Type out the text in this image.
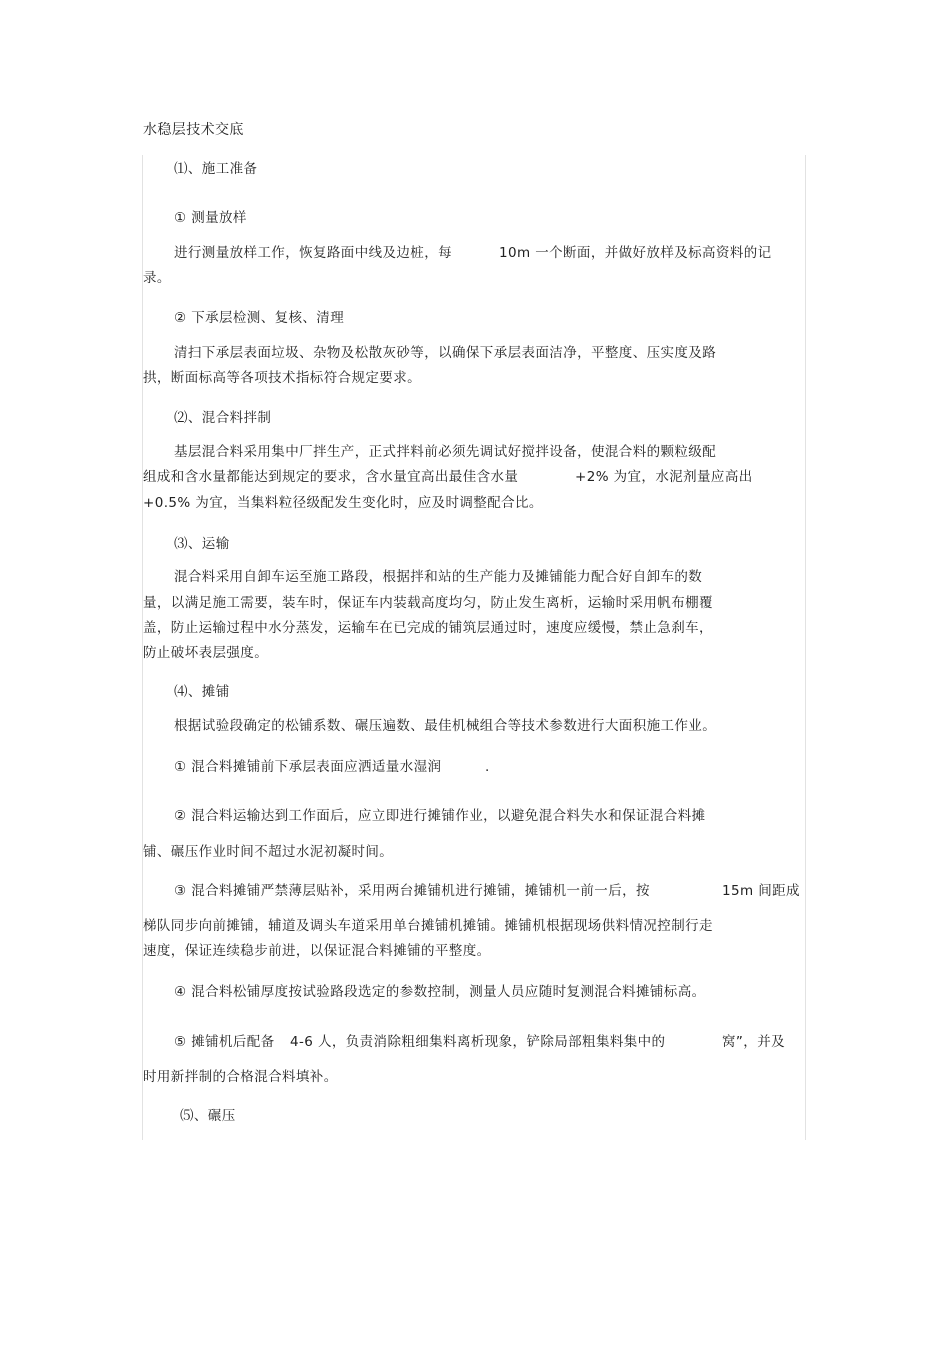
水稳层技术交底
⑴、施工准备
① 测量放样
进行测量放样工作，恢复路面中线及边桩，每	10m 一个断面，并做好放样及标高资料的记
录。
② 下承层检测、复核、清理
清扫下承层表面垃圾、杂物及松散灰砂等，以确保下承层表面洁净，平整度、压实度及路
拱，断面标高等各项技术指标符合规定要求。
⑵、混合料拌制
基层混合料采用集中厂拌生产，正式拌料前必须先调试好搅拌设备，使混合料的颗粒级配
组成和含水量都能达到规定的要求，含水量宜高出最佳含水量	+2% 为宜，水泥剂量应高出
+0.5% 为宜，当集料粒径级配发生变化时，应及时调整配合比。
⑶、运输
混合料采用自卸车运至施工路段，根据拌和站的生产能力及摊铺能力配合好自卸车的数
量，以满足施工需要，装车时，保证车内装载高度均匀，防止发生离析，运输时采用帆布棚覆
盖，防止运输过程中水分蒸发，运输车在已完成的铺筑层通过时，速度应缓慢，禁止急刹车，
防止破坏表层强度。
⑷、摊铺
根据试验段确定的松铺系数、碾压遍数、最佳机械组合等技术参数进行大面积施工作业。
① 混合料摊铺前下承层表面应洒适量水湿润	.
② 混合料运输达到工作面后，应立即进行摊铺作业，以避免混合料失水和保证混合料摊
铺、碾压作业时间不超过水泥初凝时间。
③ 混合料摊铺严禁薄层贴补，采用两台摊铺机进行摊铺，摊铺机一前一后，按	15m 间距成
梯队同步向前摊铺，辅道及调头车道采用单台摊铺机摊铺。摊铺机根据现场供料情况控制行走
速度，保证连续稳步前进，以保证混合料摊铺的平整度。
④ 混合料松铺厚度按试验路段选定的参数控制，测量人员应随时复测混合料摊铺标高。
⑤ 摊铺机后配备 4-6 人，负责消除粗细集料离析现象，铲除局部粗集料集中的	窝”，并及
时用新拌制的合格混合料填补。
⑸、碾压
